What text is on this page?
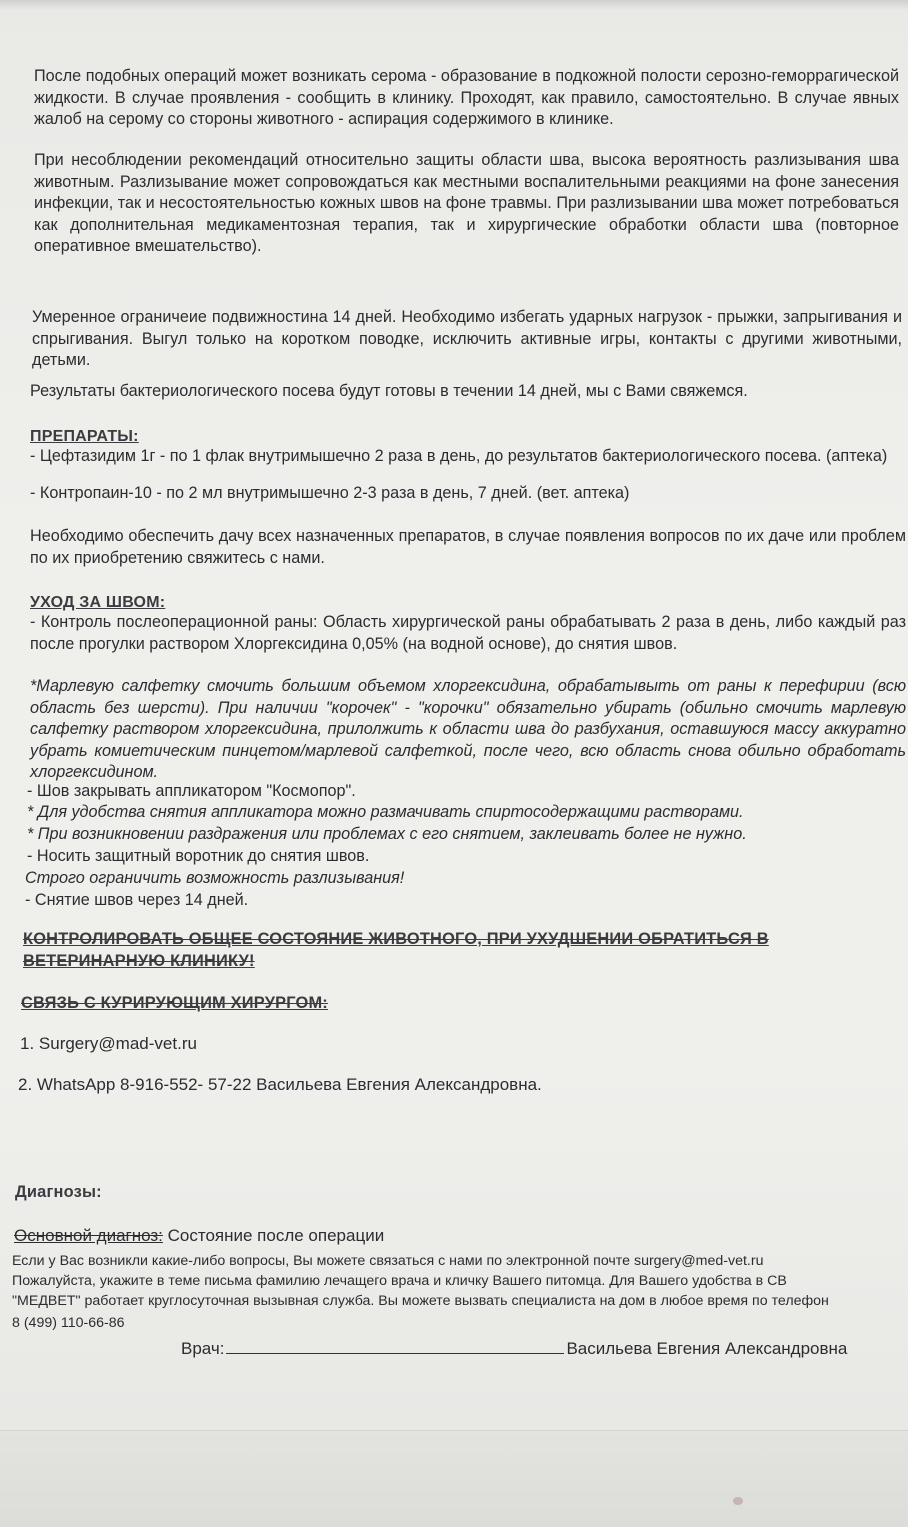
После подобных операций может возникать серома - образование в подкожной полости серозно-геморрагической жидкости. В случае проявления - сообщить в клинику. Проходят, как правило, самостоятельно. В случае явных жалоб на серому со стороны животного - аспирация содержимого в клинике.
При несоблюдении рекомендаций относительно защиты области шва, высока вероятность разлизывания шва животным. Разлизывание может сопровождаться как местными воспалительными реакциями на фоне занесения инфекции, так и несостоятельностью кожных швов на фоне травмы. При разлизывании шва может потребоваться как дополнительная медикаментозная терапия, так и хирургические обработки области шва (повторное оперативное вмешательство).
Умеренное ограничеие подвижностина 14 дней. Необходимо избегать ударных нагрузок - прыжки, запрыгивания и спрыгивания. Выгул только на коротком поводке, исключить активные игры, контакты с другими животными, детьми.
Результаты бактериологического посева будут готовы в течении 14 дней, мы с Вами свяжемся.
ПРЕПАРАТЫ:
- Цефтазидим 1г - по 1 флак внутримышечно 2 раза в день, до результатов бактериологического посева. (аптека)
- Контропаин-10 - по 2 мл внутримышечно 2-3 раза в день, 7 дней. (вет. аптека)
Необходимо обеспечить дачу всех назначенных препаратов, в случае появления вопросов по их даче или проблем по их приобретению свяжитесь с нами.
УХОД ЗА ШВОМ:
- Контроль послеоперационной раны: Область хирургической раны обрабатывать 2 раза в день, либо каждый раз после прогулки раствором Хлоргексидина 0,05% (на водной основе), до снятия швов.
*Марлевую салфетку смочить большим объемом хлоргексидина, обрабатывыть от раны к перефирии (всю область без шерсти). При наличии "корочек" - "корочки" обязательно убирать (обильно смочить марлевую салфетку раствором хлоргексидина, прилолжить к области шва до разбухания, оставшуюся массу аккуратно убрать комиетическим пинцетом/марлевой салфеткой, после чего, всю область снова обильно обработать хлоргексидином.
- Шов закрывать аппликатором "Космопор".
* Для удобства снятия аппликатора можно размачивать спиртосодержащими растворами.
* При возникновении раздражения или проблемах с его снятием, заклеивать более не нужно.
- Носить защитный воротник до снятия швов.
Строго ограничить возможность разлизывания!
- Снятие швов через 14 дней.
КОНТРОЛИРОВАТЬ ОБЩЕЕ СОСТОЯНИЕ ЖИВОТНОГО, ПРИ УХУДШЕНИИ ОБРАТИТЬСЯ В
ВЕТЕРИНАРНУЮ КЛИНИКУ!
СВЯЗЬ С КУРИРУЮЩИМ ХИРУРГОМ:
1. Surgery@mad-vet.ru
2. WhatsApp 8-916-552- 57-22 Васильева Евгения Александровна.
Диагнозы:
Основной диагноз: Состояние после операции
Если у Вас возникли какие-либо вопросы, Вы можете связаться с нами по электронной почте surgery@med-vet.ru
Пожалуйста, укажите в теме письма фамилию лечащего врача и кличку Вашего питомца. Для Вашего удобства в СВ
"МЕДВЕТ" работает круглосуточная вызывная служба. Вы можете вызвать специалиста на дом в любое время по телефон
8 (499) 110-66-86
Врач:	Васильева Евгения Александровна
